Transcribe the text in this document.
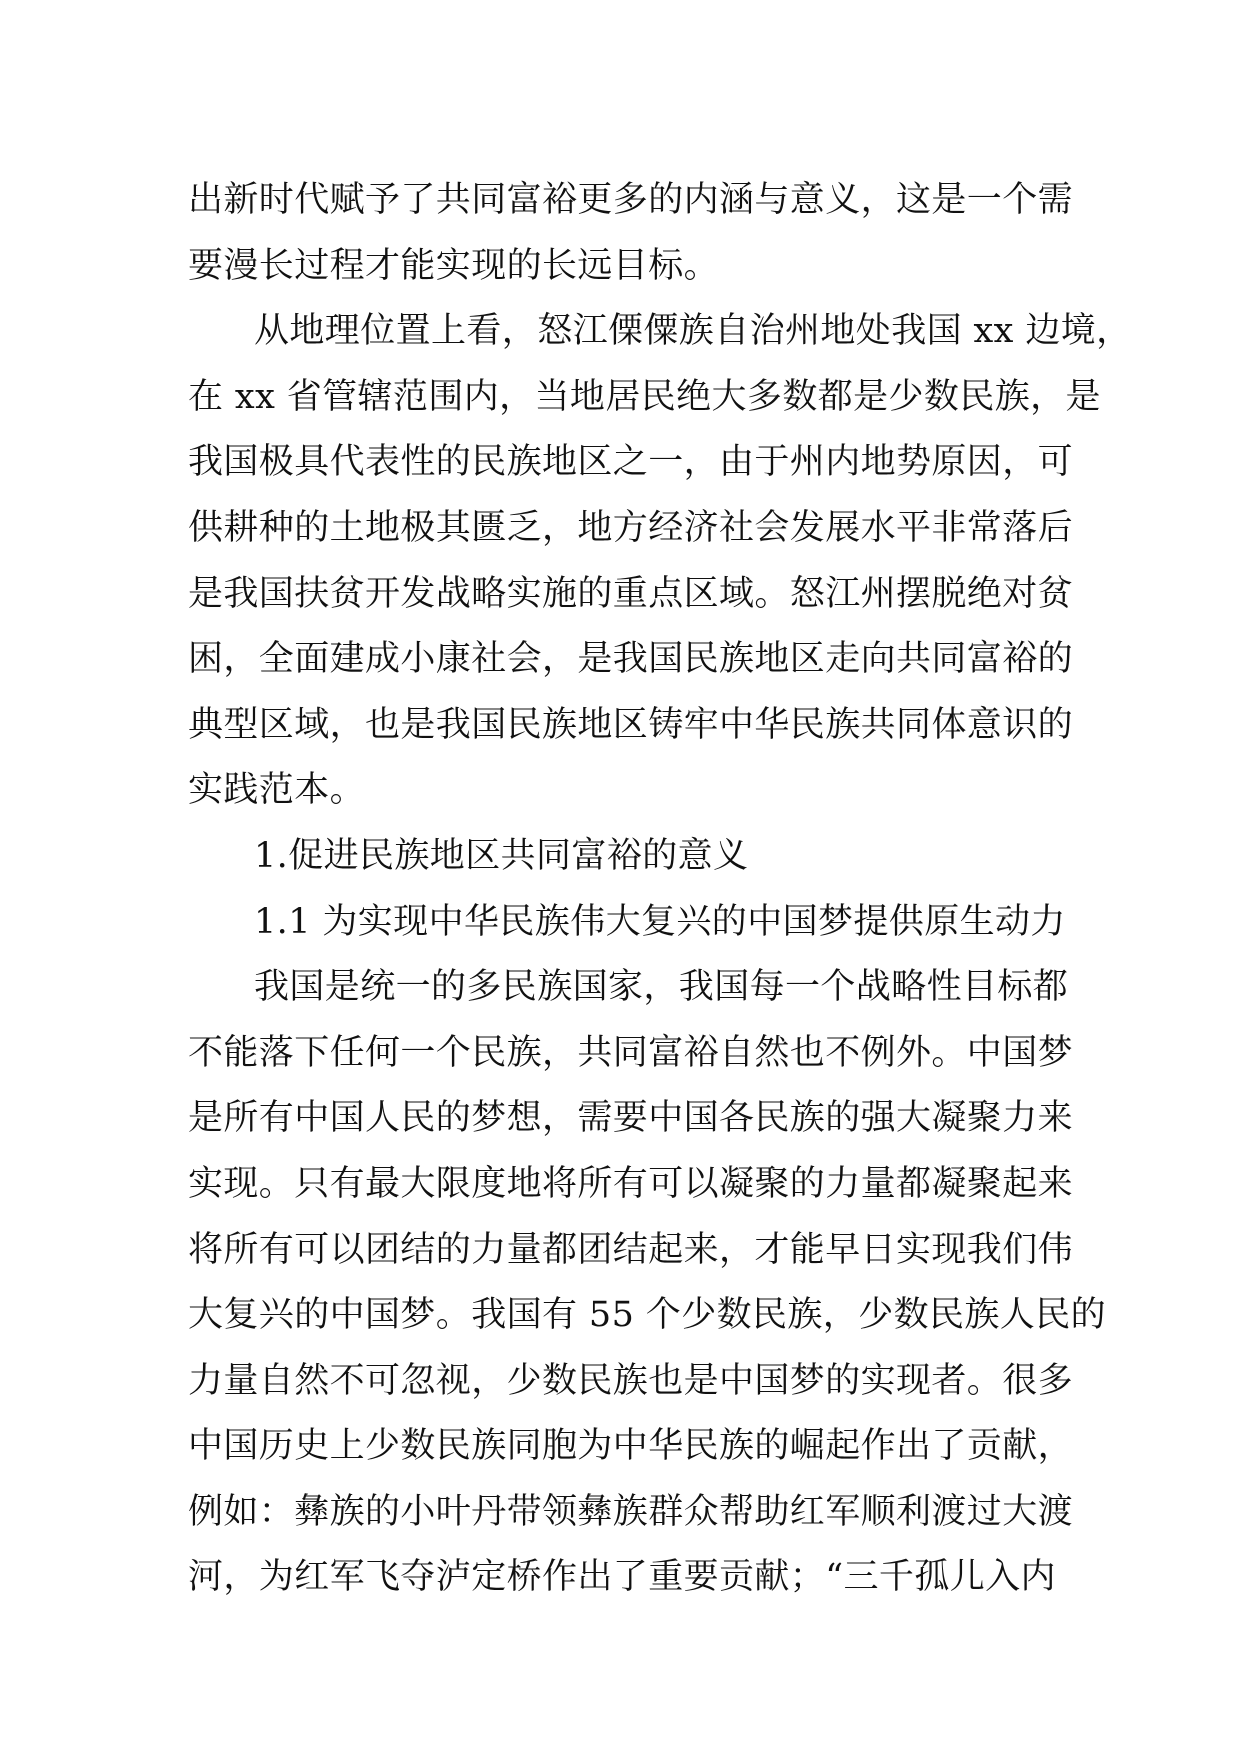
出新时代赋予了共同富裕更多的内涵与意义，这是一个需
要漫长过程才能实现的长远目标。
从地理位置上看，怒江傈僳族自治州地处我国 xx 边境，
在 xx 省管辖范围内，当地居民绝大多数都是少数民族，是
我国极具代表性的民族地区之一，由于州内地势原因，可
供耕种的土地极其匮乏，地方经济社会发展水平非常落后
是我国扶贫开发战略实施的重点区域。怒江州摆脱绝对贫
困，全面建成小康社会，是我国民族地区走向共同富裕的
典型区域，也是我国民族地区铸牢中华民族共同体意识的
实践范本。
1.促进民族地区共同富裕的意义
1.1 为实现中华民族伟大复兴的中国梦提供原生动力
我国是统一的多民族国家，我国每一个战略性目标都
不能落下任何一个民族，共同富裕自然也不例外。中国梦
是所有中国人民的梦想，需要中国各民族的强大凝聚力来
实现。只有最大限度地将所有可以凝聚的力量都凝聚起来
将所有可以团结的力量都团结起来，才能早日实现我们伟
大复兴的中国梦。我国有 55 个少数民族，少数民族人民的
力量自然不可忽视，少数民族也是中国梦的实现者。很多
中国历史上少数民族同胞为中华民族的崛起作出了贡献，
例如：彝族的小叶丹带领彝族群众帮助红军顺利渡过大渡
河，为红军飞夺泸定桥作出了重要贡献；“三千孤儿入内
